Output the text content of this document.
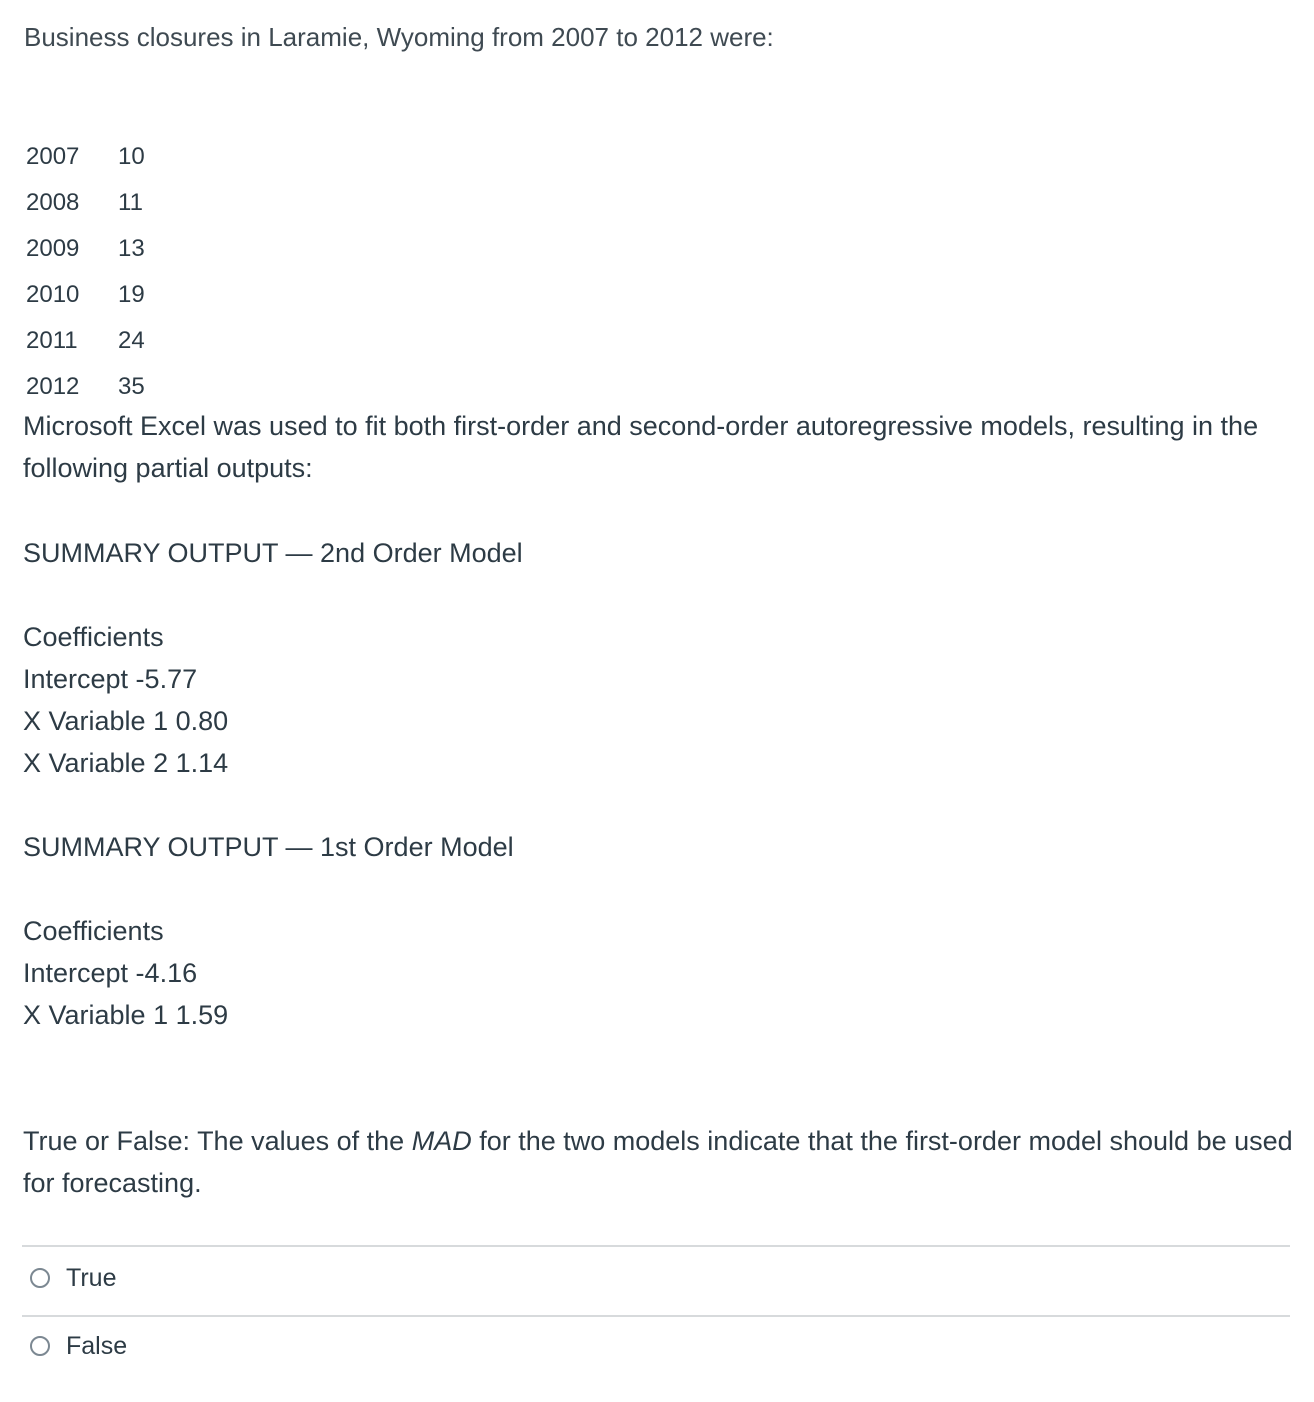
Business closures in Laramie, Wyoming from 2007 to 2012 were:
2007	10
2008	11
2009	13
2010	19
2011	24
2012	35
Microsoft Excel was used to fit both first-order and second-order autoregressive models, resulting in the following partial outputs:
SUMMARY OUTPUT — 2nd Order Model
Coefficients
Intercept -5.77
X Variable 1 0.80
X Variable 2 1.14
SUMMARY OUTPUT — 1st Order Model
Coefficients
Intercept -4.16
X Variable 1 1.59
True or False: The values of the MAD for the two models indicate that the first-order model should be used for forecasting.
True
False
